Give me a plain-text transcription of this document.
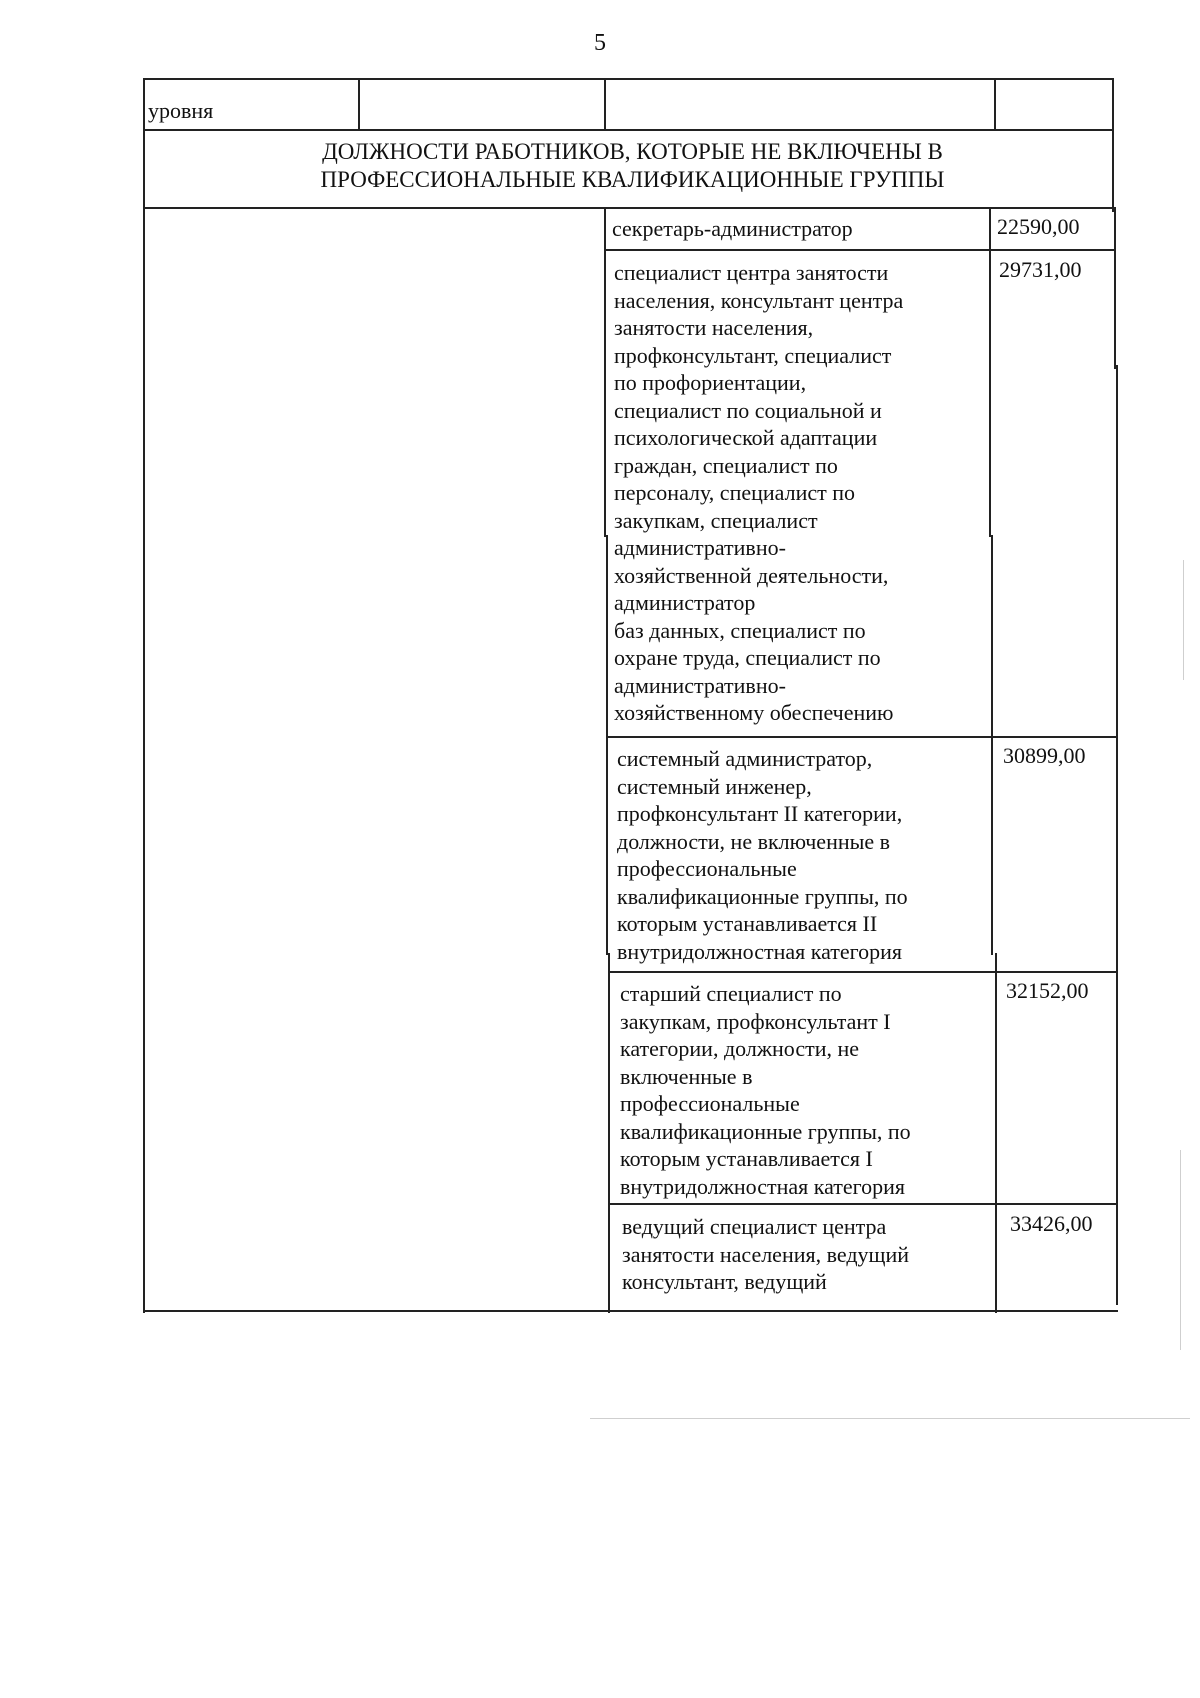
5
уровня
ДОЛЖНОСТИ РАБОТНИКОВ, КОТОРЫЕ НЕ ВКЛЮЧЕНЫ В
ПРОФЕССИОНАЛЬНЫЕ КВАЛИФИКАЦИОННЫЕ ГРУППЫ
секретарь-администратор	22590,00
специалист центра занятости
населения, консультант центра
занятости населения,
профконсультант, специалист
по профориентации,
специалист по социальной и
психологической адаптации
граждан, специалист по
персоналу, специалист по
закупкам, специалист
административно-
хозяйственной деятельности,
администратор
баз данных, специалист по
охране труда, специалист по
административно-
хозяйственному обеспечению
29731,00
системный администратор,
системный инженер,
профконсультант II категории,
должности, не включенные в
профессиональные
квалификационные группы, по
которым устанавливается II
внутридолжностная категория
30899,00
старший специалист по
закупкам, профконсультант I
категории, должности, не
включенные в
профессиональные
квалификационные группы, по
которым устанавливается I
внутридолжностная категория
32152,00
ведущий специалист центра
занятости населения, ведущий
консультант, ведущий
33426,00
